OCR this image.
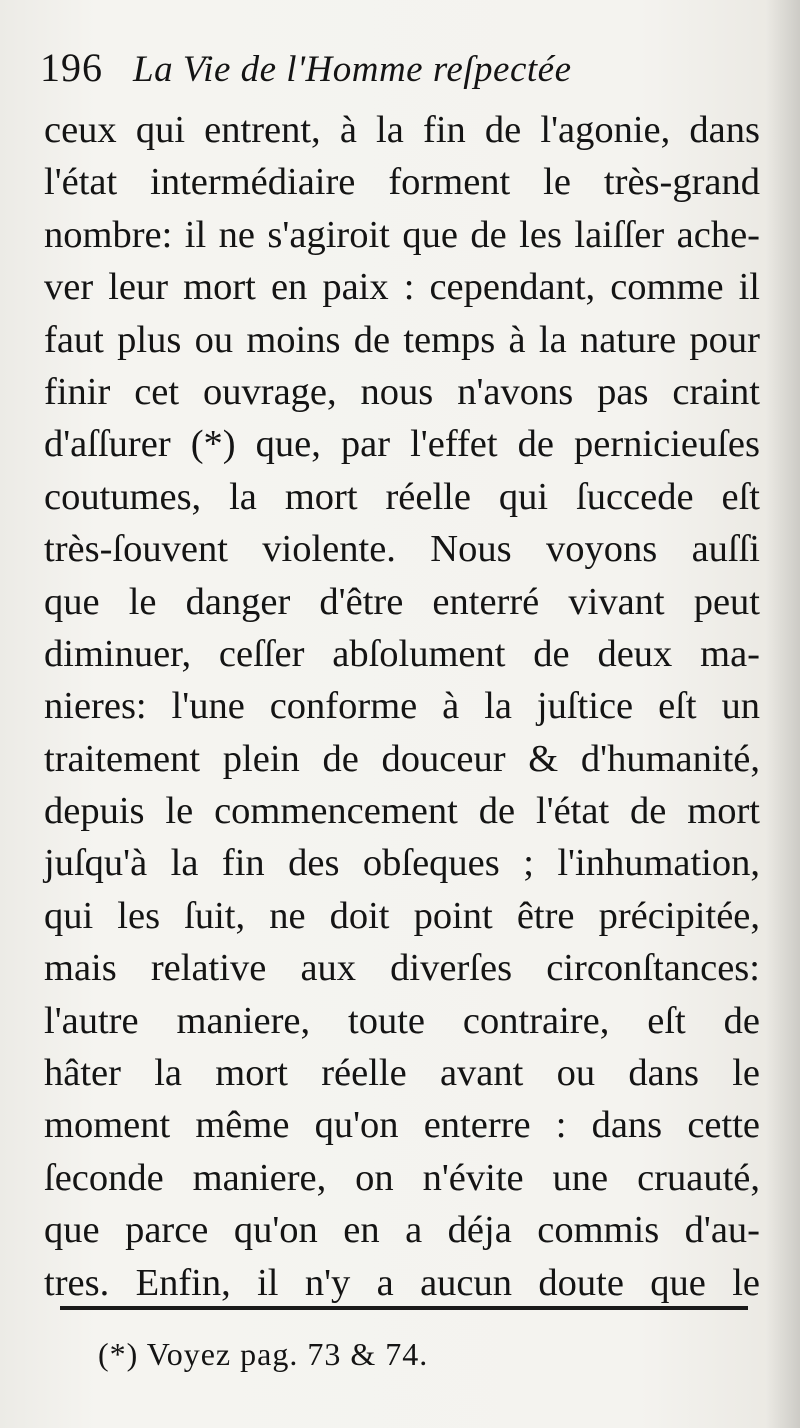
196 La Vie de l'Homme reſpectée
ceux qui entrent, à la fin de l'agonie, dans
l'état intermédiaire forment le très-grand
nombre: il ne s'agiroit que de les laiſſer ache-
ver leur mort en paix : cependant, comme il
faut plus ou moins de temps à la nature pour
finir cet ouvrage, nous n'avons pas craint
d'aſſurer (*) que, par l'effet de pernicieuſes
coutumes, la mort réelle qui ſuccede eſt
très-ſouvent violente. Nous voyons auſſi
que le danger d'être enterré vivant peut
diminuer, ceſſer abſolument de deux ma-
nieres: l'une conforme à la juſtice eſt un
traitement plein de douceur & d'humanité,
depuis le commencement de l'état de mort
juſqu'à la fin des obſeques ; l'inhumation,
qui les ſuit, ne doit point être précipitée,
mais relative aux diverſes circonſtances:
l'autre maniere, toute contraire, eſt de
hâter la mort réelle avant ou dans le
moment même qu'on enterre : dans cette
ſeconde maniere, on n'évite une cruauté,
que parce qu'on en a déja commis d'au-
tres. Enfin, il n'y a aucun doute que le
(*) Voyez pag. 73 & 74.
